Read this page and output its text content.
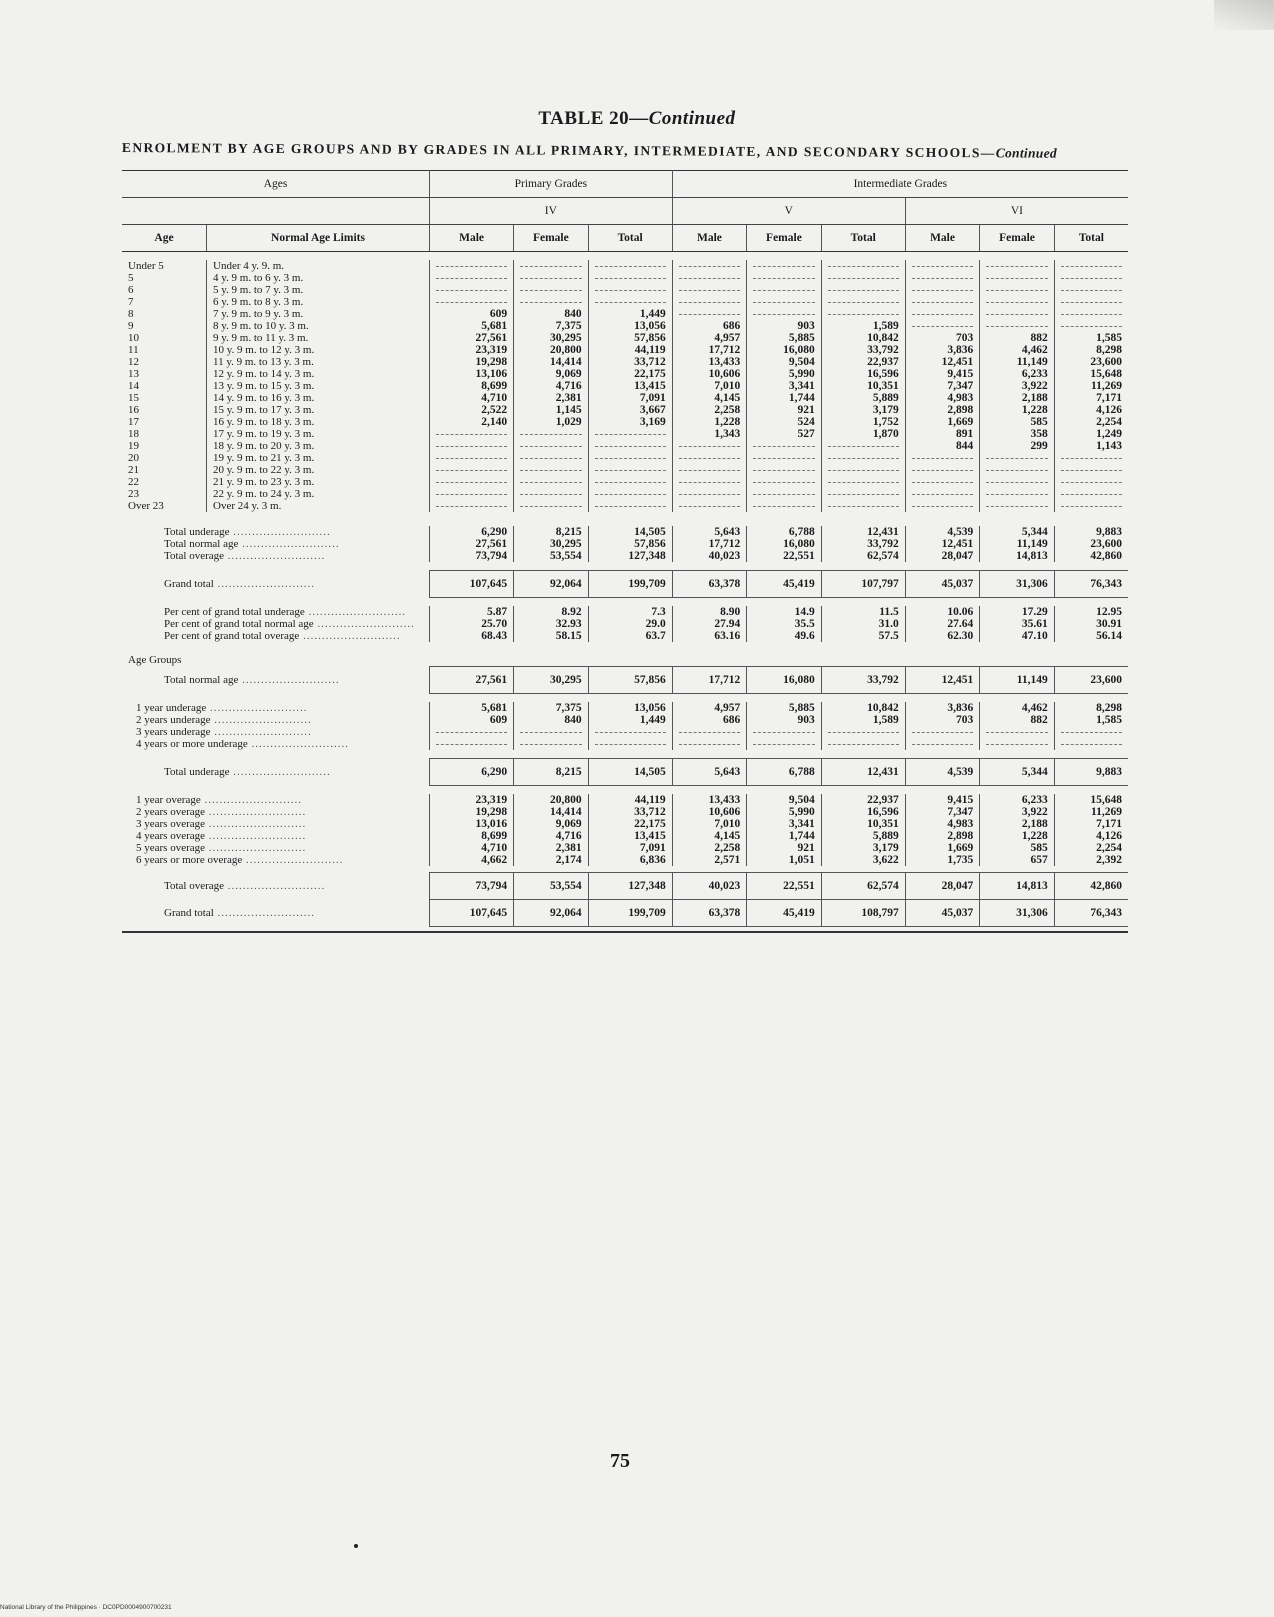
TABLE 20—Continued
ENROLMENT BY AGE GROUPS AND BY GRADES IN ALL PRIMARY, INTERMEDIATE, AND SECONDARY SCHOOLS—Continued
Ages		Primary Grades			Intermediate Grades					
		IV			V			VI		
Age	Normal Age Limits	Male	Female	Total	Male	Female	Total	Male	Female	Total

Under 5	Under 4 y. 9. m.	

5	4 y. 9 m. to 6 y. 3 m.	

6	5 y. 9 m. to 7 y. 3 m.	

7	6 y. 9 m. to 8 y. 3 m.	

8	7 y. 9 m. to 9 y. 3 m.	609	840	1,449	

9	8 y. 9 m. to 10 y. 3 m.	5,681	7,375	13,056	686	903	1,589	

10	9 y. 9 m. to 11 y. 3 m.	27,561	30,295	57,856	4,957	5,885	10,842	703	882	1,585
11	10 y. 9 m. to 12 y. 3 m.	23,319	20,800	44,119	17,712	16,080	33,792	3,836	4,462	8,298
12	11 y. 9 m. to 13 y. 3 m.	19,298	14,414	33,712	13,433	9,504	22,937	12,451	11,149	23,600
13	12 y. 9 m. to 14 y. 3 m.	13,106	9,069	22,175	10,606	5,990	16,596	9,415	6,233	15,648
14	13 y. 9 m. to 15 y. 3 m.	8,699	4,716	13,415	7,010	3,341	10,351	7,347	3,922	11,269
15	14 y. 9 m. to 16 y. 3 m.	4,710	2,381	7,091	4,145	1,744	5,889	4,983	2,188	7,171
16	15 y. 9 m. to 17 y. 3 m.	2,522	1,145	3,667	2,258	921	3,179	2,898	1,228	4,126
17	16 y. 9 m. to 18 y. 3 m.	2,140	1,029	3,169	1,228	524	1,752	1,669	585	2,254
18	17 y. 9 m. to 19 y. 3 m.				1,343	527	1,870	891	358	1,249
19	18 y. 9 m. to 20 y. 3 m.							844	299	1,143
20	19 y. 9 m. to 21 y. 3 m.	

21	20 y. 9 m. to 22 y. 3 m.	

22	21 y. 9 m. to 23 y. 3 m.	

23	22 y. 9 m. to 24 y. 3 m.	

Over 23	Over 24 y. 3 m.	

Total underage ..........................		6,290	8,215	14,505	5,643	6,788	12,431	4,539	5,344	9,883
Total normal age ..........................		27,561	30,295	57,856	17,712	16,080	33,792	12,451	11,149	23,600
Total overage ..........................		73,794	53,554	127,348	40,023	22,551	62,574	28,047	14,813	42,860

Grand total ..........................		107,645	92,064	199,709	63,378	45,419	107,797	45,037	31,306	76,343

Per cent of grand total underage ..........................		5.87	8.92	7.3	8.90	14.9	11.5	10.06	17.29	12.95
Per cent of grand total normal age ..........................		25.70	32.93	29.0	27.94	35.5	31.0	27.64	35.61	30.91
Per cent of grand total overage ..........................		68.43	58.15	63.7	63.16	49.6	57.5	62.30	47.10	56.14

Age Groups										
Total normal age ..........................		27,561	30,295	57,856	17,712	16,080	33,792	12,451	11,149	23,600

1 year underage ..........................		5,681	7,375	13,056	4,957	5,885	10,842	3,836	4,462	8,298
2 years underage ..........................		609	840	1,449	686	903	1,589	703	882	1,585
3 years underage ..........................		

4 years or more underage ..........................		

Total underage ..........................		6,290	8,215	14,505	5,643	6,788	12,431	4,539	5,344	9,883

1 year overage ..........................		23,319	20,800	44,119	13,433	9,504	22,937	9,415	6,233	15,648
2 years overage ..........................		19,298	14,414	33,712	10,606	5,990	16,596	7,347	3,922	11,269
3 years overage ..........................		13,016	9,069	22,175	7,010	3,341	10,351	4,983	2,188	7,171
4 years overage ..........................		8,699	4,716	13,415	4,145	1,744	5,889	2,898	1,228	4,126
5 years overage ..........................		4,710	2,381	7,091	2,258	921	3,179	1,669	585	2,254
6 years or more overage ..........................		4,662	2,174	6,836	2,571	1,051	3,622	1,735	657	2,392

Total overage ..........................		73,794	53,554	127,348	40,023	22,551	62,574	28,047	14,813	42,860
Grand total ..........................		107,645	92,064	199,709	63,378	45,419	108,797	45,037	31,306	76,343

75
National Library of the Philippines · DC0PD0004900700231
